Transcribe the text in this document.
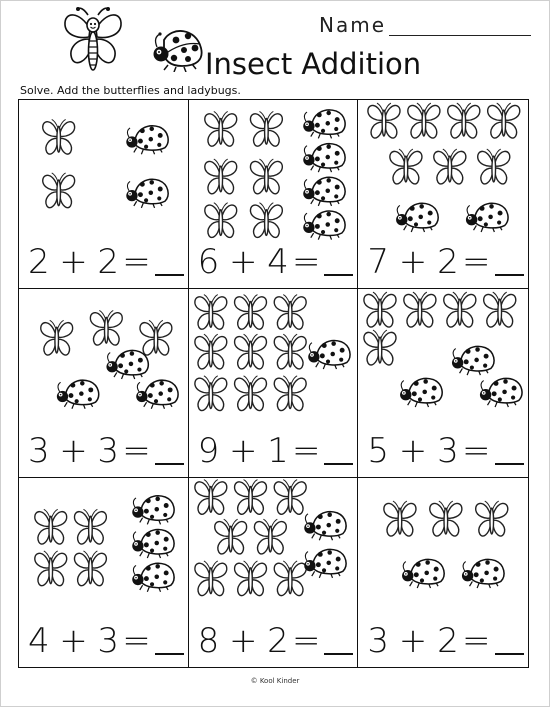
Name
Insect Addition
Solve. Add the butterflies and ladybugs.
2 + 2 = 6 + 4 = 7 + 2 =
3 + 3 = 9 + 1 = 5 + 3 =
4 + 3 = 8 + 2 = 3 + 2 =
© Kool Kinder
